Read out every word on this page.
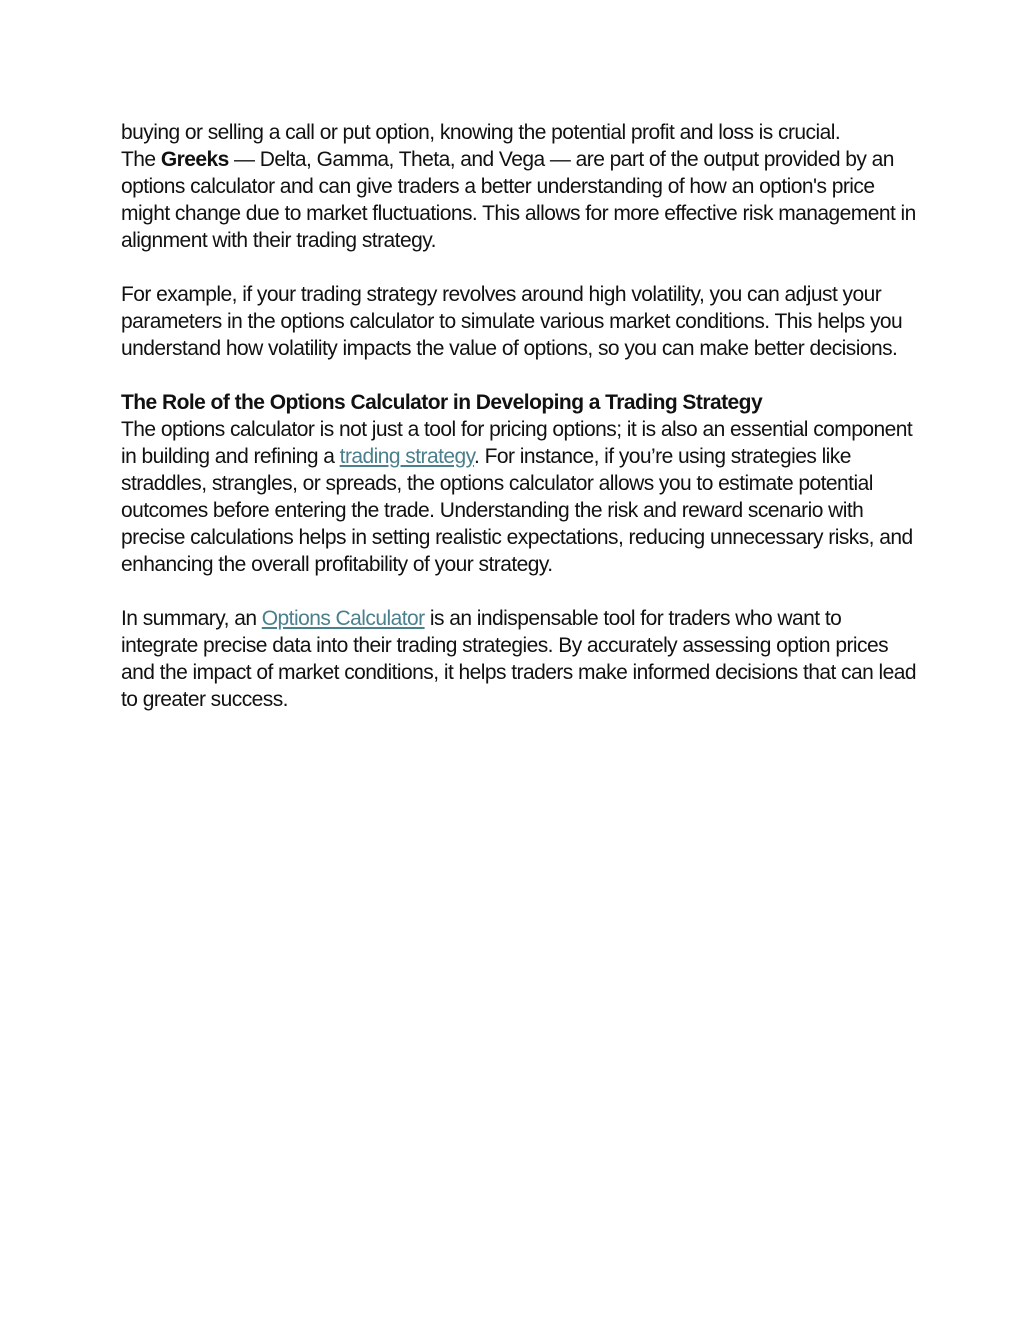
buying or selling a call or put option, knowing the potential profit and loss is crucial.
The Greeks — Delta, Gamma, Theta, and Vega — are part of the output provided by an options calculator and can give traders a better understanding of how an option's price might change due to market fluctuations. This allows for more effective risk management in alignment with their trading strategy.

For example, if your trading strategy revolves around high volatility, you can adjust your parameters in the options calculator to simulate various market conditions. This helps you understand how volatility impacts the value of options, so you can make better decisions.

The Role of the Options Calculator in Developing a Trading Strategy

The options calculator is not just a tool for pricing options; it is also an essential component in building and refining a trading strategy. For instance, if you’re using strategies like straddles, strangles, or spreads, the options calculator allows you to estimate potential outcomes before entering the trade. Understanding the risk and reward scenario with precise calculations helps in setting realistic expectations, reducing unnecessary risks, and enhancing the overall profitability of your strategy.

In summary, an Options Calculator is an indispensable tool for traders who want to integrate precise data into their trading strategies. By accurately assessing option prices and the impact of market conditions, it helps traders make informed decisions that can lead to greater success.
